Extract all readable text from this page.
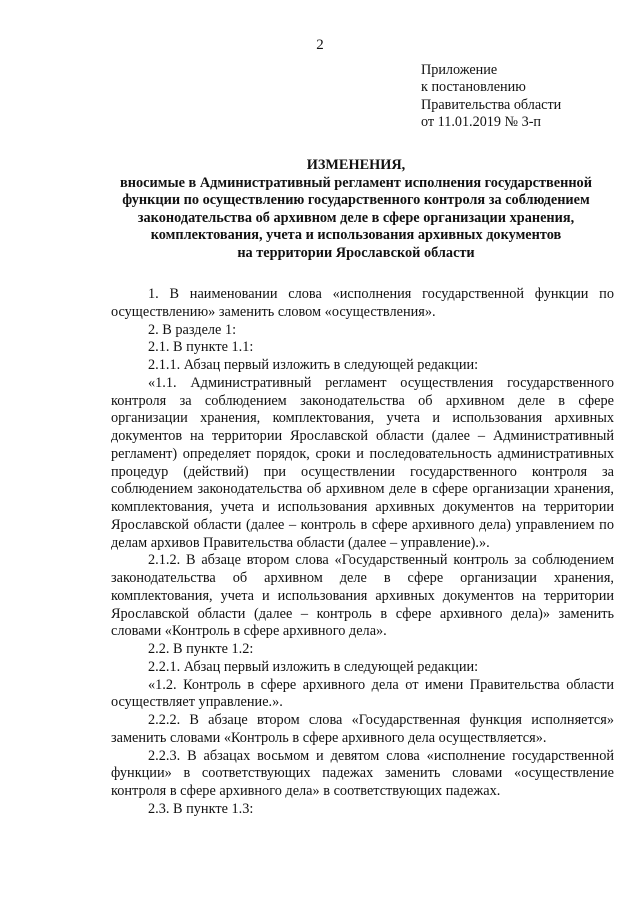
2
Приложение
к постановлению
Правительства области
от 11.01.2019 № 3-п
ИЗМЕНЕНИЯ,
вносимые в Административный регламент исполнения государственной
функции по осуществлению государственного контроля за соблюдением
законодательства об архивном деле в сфере организации хранения,
комплектования, учета и использования архивных документов
на территории Ярославской области

1. В наименовании слова «исполнения государственной функции по осуществлению» заменить словом «осуществления».

2. В разделе 1:

2.1. В пункте 1.1:

2.1.1. Абзац первый изложить в следующей редакции:

«1.1. Административный регламент осуществления государственного контроля за соблюдением законодательства об архивном деле в сфере организации хранения, комплектования, учета и использования архивных документов на территории Ярославской области (далее – Административный регламент) определяет порядок, сроки и последовательность административных процедур (действий) при осуществлении государственного контроля за соблюдением законодательства об архивном деле в сфере организации хранения, комплектования, учета и использования архивных документов на территории Ярославской области (далее – контроль в сфере архивного дела) управлением по делам архивов Правительства области (далее – управление).».

2.1.2. В абзаце втором слова «Государственный контроль за соблюдением законодательства об архивном деле в сфере организации хранения, комплектования, учета и использования архивных документов на территории Ярославской области (далее – контроль в сфере архивного дела)» заменить словами «Контроль в сфере архивного дела».

2.2. В пункте 1.2:

2.2.1. Абзац первый изложить в следующей редакции:

«1.2. Контроль в сфере архивного дела от имени Правительства области осуществляет управление.».

2.2.2. В абзаце втором слова «Государственная функция исполняется» заменить словами «Контроль в сфере архивного дела осуществляется».

2.2.3. В абзацах восьмом и девятом слова «исполнение государственной функции» в соответствующих падежах заменить словами «осуществление контроля в сфере архивного дела» в соответствующих падежах.

2.3. В пункте 1.3:
